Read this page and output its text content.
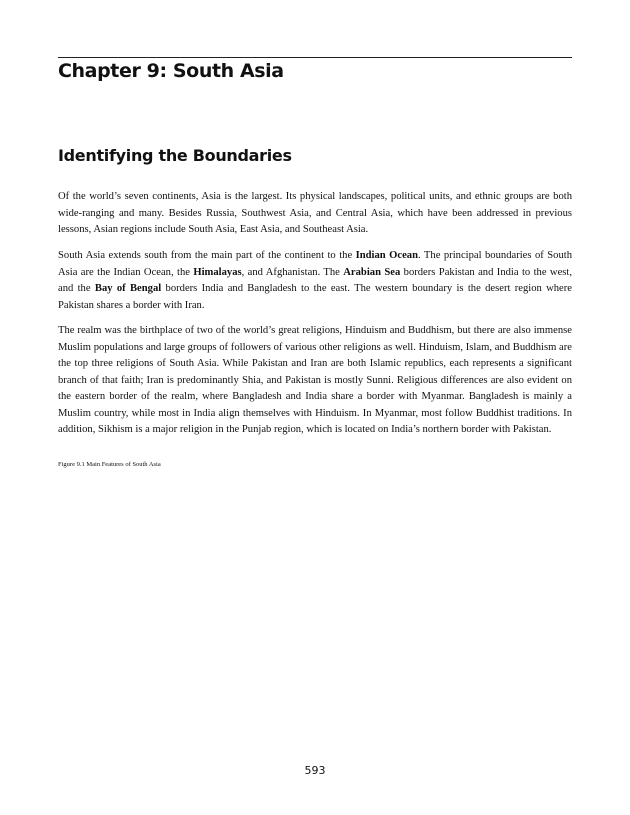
Chapter 9: South Asia
Identifying the Boundaries

Of the world’s seven continents, Asia is the largest. Its physical landscapes, political units, and ethnic groups are both wide-ranging and many. Besides Russia, Southwest Asia, and Central Asia, which have been addressed in previous lessons, Asian regions include South Asia, East Asia, and Southeast Asia.

South Asia extends south from the main part of the continent to the Indian Ocean. The principal boundaries of South Asia are the Indian Ocean, the Himalayas, and Afghanistan. The Arabian Sea borders Pakistan and India to the west, and the Bay of Bengal borders India and Bangladesh to the east. The western boundary is the desert region where Pakistan shares a border with Iran.

The realm was the birthplace of two of the world’s great religions, Hinduism and Buddhism, but there are also immense Muslim populations and large groups of followers of various other religions as well. Hinduism, Islam, and Buddhism are the top three religions of South Asia. While Pakistan and Iran are both Islamic republics, each represents a significant branch of that faith; Iran is predominantly Shia, and Pakistan is mostly Sunni. Religious differences are also evident on the eastern border of the realm, where Bangladesh and India share a border with Myanmar. Bangladesh is mainly a Muslim country, while most in India align themselves with Hinduism. In Myanmar, most follow Buddhist traditions. In addition, Sikhism is a major religion in the Punjab region, which is located on India’s northern border with Pakistan.

Figure 9.1 Main Features of South Asia

593
